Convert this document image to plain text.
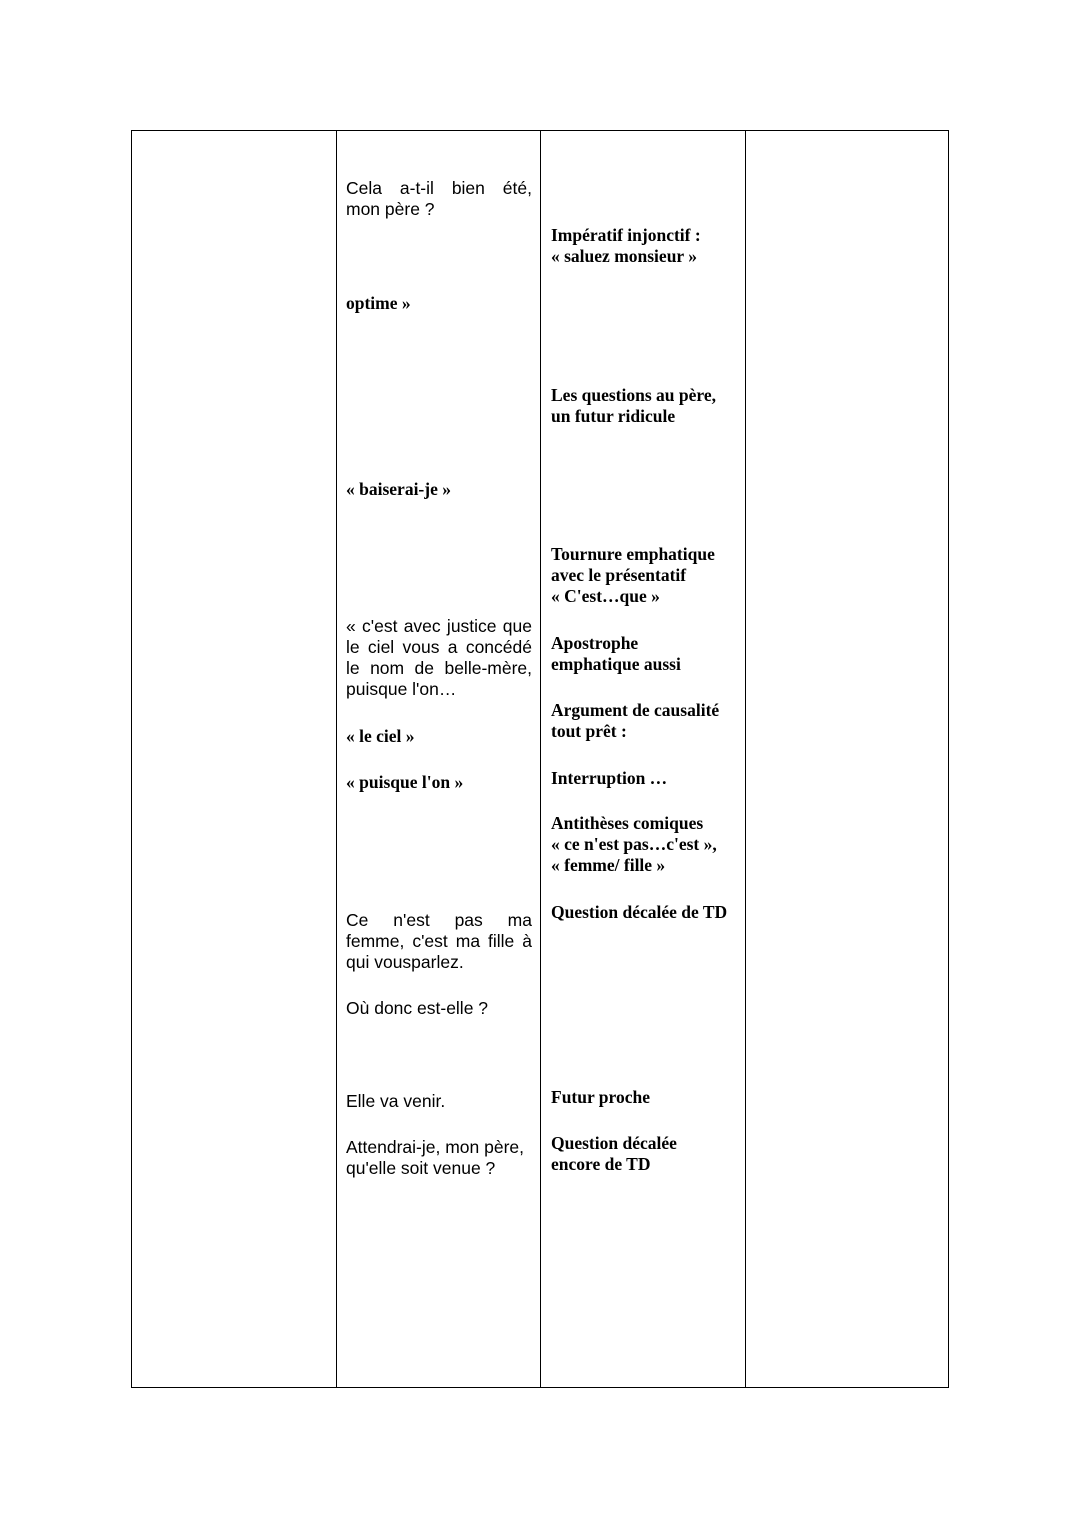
Cela a-t-il bien été,
mon père ?
optime »
« baiserai-je »
« c'est avec justice que
le ciel vous a concédé
le nom de belle-mère,
puisque l'on…
« le ciel »
« puisque l'on »
Ce n'est pas ma
femme, c'est ma fille à
qui vousparlez.
Où donc est-elle ?
Elle va venir.
Attendrai-je, mon père,
qu'elle soit venue ?
Impératif injonctif :
« saluez monsieur »
Les questions au père,
un futur ridicule
Tournure emphatique
avec le présentatif
« C'est…que »
Apostrophe
emphatique aussi
Argument de causalité
tout prêt :
Interruption …
Antithèses comiques
« ce n'est pas…c'est »,
« femme/ fille »
Question décalée de TD
Futur proche
Question décalée
encore de TD
